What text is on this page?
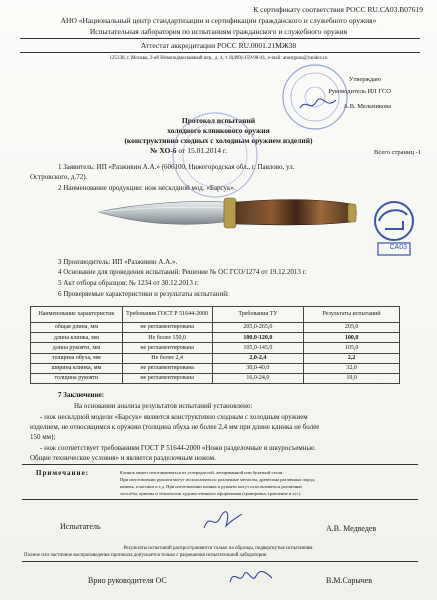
К сертификату соответствия РОСС RU.СА03.В07619
АНО «Национальный центр стандартизации и сертификации гражданского и служебного оружия»
Испытательная лаборатория по испытаниям гражданского и служебного оружия
Аттестат аккредитации РОСС RU.0001.21МЖ38
125130, г. Москва, 2-ой Новоподмосковный пер., д. 4, т. 8(499)-159-98-41, e-mail: anostguns@yandex.ru
Утверждаю
Руководитель ИЛ ГСО
А.В. Мельникова
Протокол испытаний
холодного клинкового оружия
(конструктивно сходных с холодным оружием изделий)
№ ХО-6 от 15.01.2014 г.	Всего страниц -1
1 Заявитель: ИП «Разживин А.А.» (606100, Нижегородская обл., г. Павлово, ул.
Островского, д.72).
2 Наименование продукции: нож несклдной мод. «Барсук».
СА03
3 Производитель: ИП «Разживин А.А.».
4 Основание для проведения испытаний: Решение № ОС ГСО/1274 от 19.12.2013 г.
5 Акт отбора образцов: № 1234 от 30.12.2013 г.
6 Проверяемые характеристики и результаты испытаний:
Наименование характеристик	Требования ГОСТ Р 51644-2000	Требования ТУ	Результаты испытаний
общая длина, мм	не регламентирована	205,0-265,0	205,0
длина клинка, мм	Не более 150,0	100,0-120,0	100,0
длина рукояти, мм	не регламентирована	105,0-145,0	105,0
толщина обуха, мм	Не более 2,4	2,0-2,4	2,2
ширина клинка, мм	не регламентирована	30,0-40,0	32,0
толщина рукояти	не регламентирована	16,0-24,0	19,0
7 Заключение:
На основании анализа результатов испытаний установлено:
- нож несклдной модели «Барсук» является конструктивно сходным с холодным оружием
изделием, не относящимся к оружию (толщина обуха не более 2,4 мм при длине клинка не более
150 мм);
- нож соответствует требованиям ГОСТ Р 51644-2000 «Ножи разделочные и шкуросъемные.
Общие технические условия» и является разделочным ножом.
Примечание:	Клинок может изготавливаться из углеродистой, легированной или булатной стали.
При изготовлении рукояти могут использоваться: различные металлы, древесина различных пород,
камень, пластики и т.д. При изготовлении клинка и рукояти могут использоваться различные
способы, приемы и технологии художественного оформления (гравировка, травление и т.п.).
Испытатель	А.В. Медведев
Результаты испытаний распространяются только на образцы, подвергнутые испытаниям.
Полное или частичное воспроизведение протокола допускается только с разрешения испытательной лаборатории
Врио руководителя ОС	В.М.Сарычев
